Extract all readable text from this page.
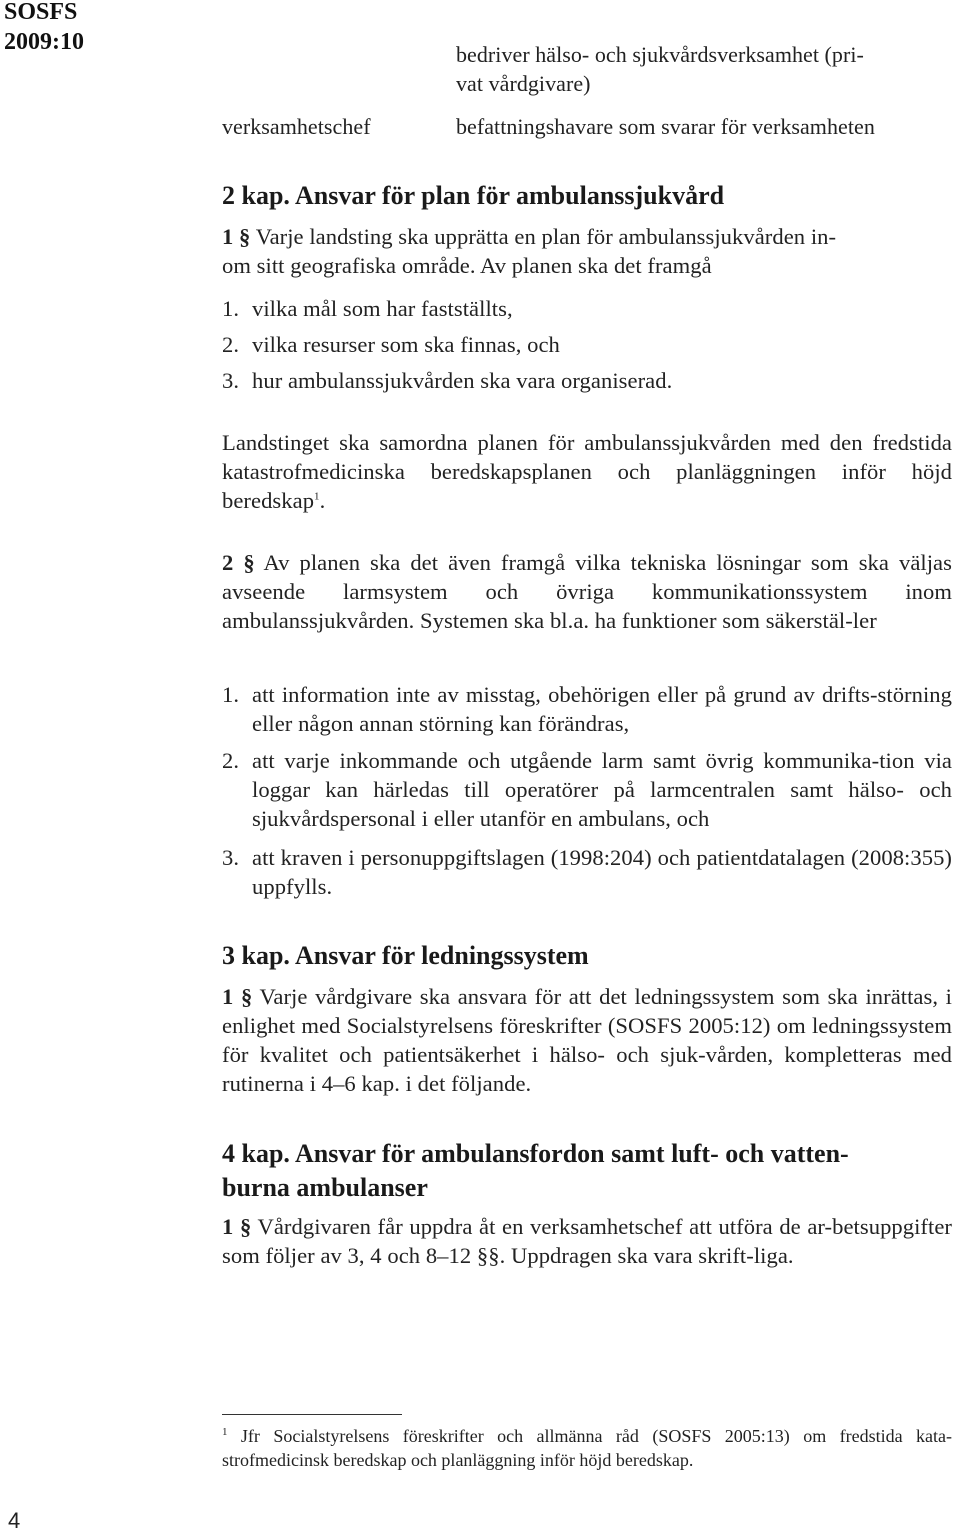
SOSFS
2009:10	bedriver hälso- och sjukvårdsverksamhet (pri-
vat vårdgivare)
verksamhetschef	befattningshavare som svarar för verksamheten
2 kap. Ansvar för plan för ambulanssjukvård
1 § Varje landsting ska upprätta en plan för ambulanssjukvården in-
om sitt geografiska område. Av planen ska det framgå
1. vilka mål som har fastställts,
2. vilka resurser som ska finnas, och
3. hur ambulanssjukvården ska vara organiserad.
Landstinget ska samordna planen för ambulanssjukvården med den fredstida katastrofmedicinska beredskapsplanen och planläggningen inför höjd beredskap$^1$.
2 § Av planen ska det även framgå vilka tekniska lösningar som ska väljas avseende larmsystem och övriga kommunikationssystem inom ambulanssjukvården. Systemen ska bl.a. ha funktioner som säkerstäl-ler
1. att information inte av misstag, obehörigen eller på grund av drifts-störning eller någon annan störning kan förändras,
2. att varje inkommande och utgående larm samt övrig kommunika-tion via loggar kan härledas till operatörer på larmcentralen samt hälso- och sjukvårdspersonal i eller utanför en ambulans, och
3. att kraven i personuppgiftslagen (1998:204) och patientdatalagen (2008:355) uppfylls.
3 kap. Ansvar för ledningssystem
1 § Varje vårdgivare ska ansvara för att det ledningssystem som ska inrättas, i enlighet med Socialstyrelsens föreskrifter (SOSFS 2005:12) om ledningssystem för kvalitet och patientsäkerhet i hälso- och sjuk-vården, kompletteras med rutinerna i 4–6 kap. i det följande.
4 kap. Ansvar för ambulansfordon samt luft- och vatten-
burna ambulanser
1 § Vårdgivaren får uppdra åt en verksamhetschef att utföra de ar-betsuppgifter som följer av 3, 4 och 8–12 §§. Uppdragen ska vara skrift-liga.
$^1$ Jfr Socialstyrelsens föreskrifter och allmänna råd (SOSFS 2005:13) om fredstida kata-strofmedicinsk beredskap och planläggning inför höjd beredskap.
4
